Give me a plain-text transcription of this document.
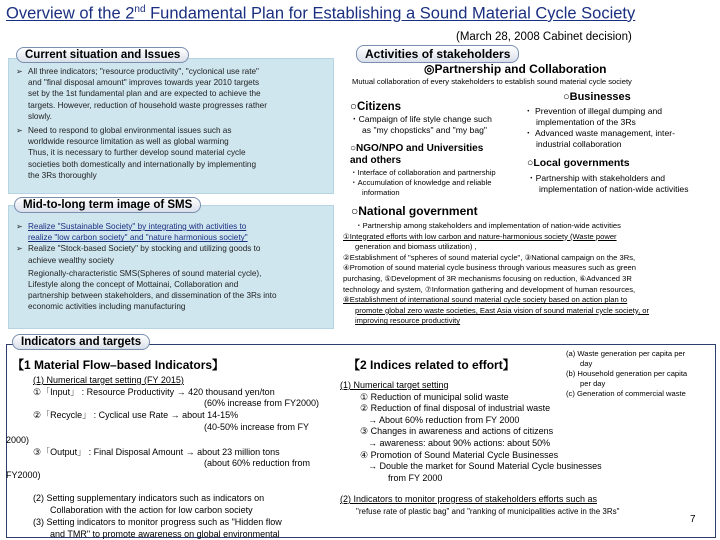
Overview of the 2nd Fundamental Plan for Establishing a Sound Material Cycle Society
(March 28, 2008 Cabinet decision)
Current situation and Issues
➢ All three indicators; "resource productivity", "cyclonical use rate"
and "final disposal amount" improves towards year 2010 targets
set by the 1st fundamental plan and are expected to achieve the
targets. However, reduction of household waste progresses rather
slowly.
➢ Need to respond to global environmental issues such as
worldwide resource limitation as well as global warming
Thus, it is necessary to further develop sound material cycle
societies both domestically and internationally by implementing
the 3Rs thoroughly
Mid-to-long term image of SMS
➢ Realize "Sustainable Society" by integrating with activities to
realize "low carbon society" and "nature harmonious society"
➢ Realize "Stock-based Society" by stocking and utilizing goods to
achieve wealthy society
Regionally-characteristic SMS(Spheres of sound material cycle),
Lifestyle along the concept of Mottainai, Collaboration and
partnership between stakeholders, and dissemination of the 3Rs into
economic activities including manufacturing
Activities of stakeholders
◎Partnership and Collaboration
Mutual collaboration of every stakeholders to establish sound material cycle society
○Citizens
・Campaign of life style change such
as "my chopsticks" and "my bag"
○Businesses
・ Prevention of illegal dumping and
implementation of the 3Rs
・ Advanced waste management, inter-
industrial collaboration
○NGO/NPO and Universities
and others
・Interface of collaboration and partnership
・Accumulation of knowledge and reliable
information
○Local governments
・Partnership with stakeholders and
implementation of nation-wide activities
○National government
・Partnership among stakeholders and implementation of nation-wide activities
①Integrated efforts with low carbon and nature-harmonious society (Waste power
generation and biomass utilization) ,
②Establishment of "spheres of sound material cycle", ③National campaign on the 3Rs,
④Promotion of sound material cycle business through various measures such as green
purchasing, ⑤Development of 3R mechanisms focusing on reduction, ⑥Advanced 3R
technology and system, ⑦Information gathering and development of human resources,
⑧Establishment of international sound material cycle society based on action plan to
promote global zero waste societies, East Asia vision of sound material cycle society, or
improving resource productivity
Indicators and targets
【1 Material Flow–based Indicators】
(1) Numerical target setting (FY 2015)
①「Input」 : Resource Productivity → 420 thousand yen/ton
(60% increase from FY2000)
②「Recycle」 : Cyclical use Rate → about 14-15%
(40-50% increase from FY
2000)
③「Output」 : Final Disposal Amount → about 23 million tons
(about 60% reduction from
FY2000)
(2) Setting supplementary indicators such as indicators on
Collaboration with the action for low carbon society
(3) Setting indicators to monitor progress such as "Hidden flow
and TMR" to promote awareness on global environmental
【2 Indices related to effort】
(1) Numerical target setting
① Reduction of municipal solid waste
② Reduction of final disposal of industrial waste
→ About 60% reduction from FY 2000
③ Changes in awareness and actions of citizens
→ awareness: about 90% actions: about 50%
④ Promotion of Sound Material Cycle Businesses
→ Double the market for Sound Material Cycle businesses
from FY 2000
(2) Indicators to monitor progress of stakeholders efforts such as
"refuse rate of plastic bag" and "ranking of municipalities active in the 3Rs"
(a) Waste generation per capita per
day
(b) Household generation per capita
per day
(c) Generation of commercial waste
7
